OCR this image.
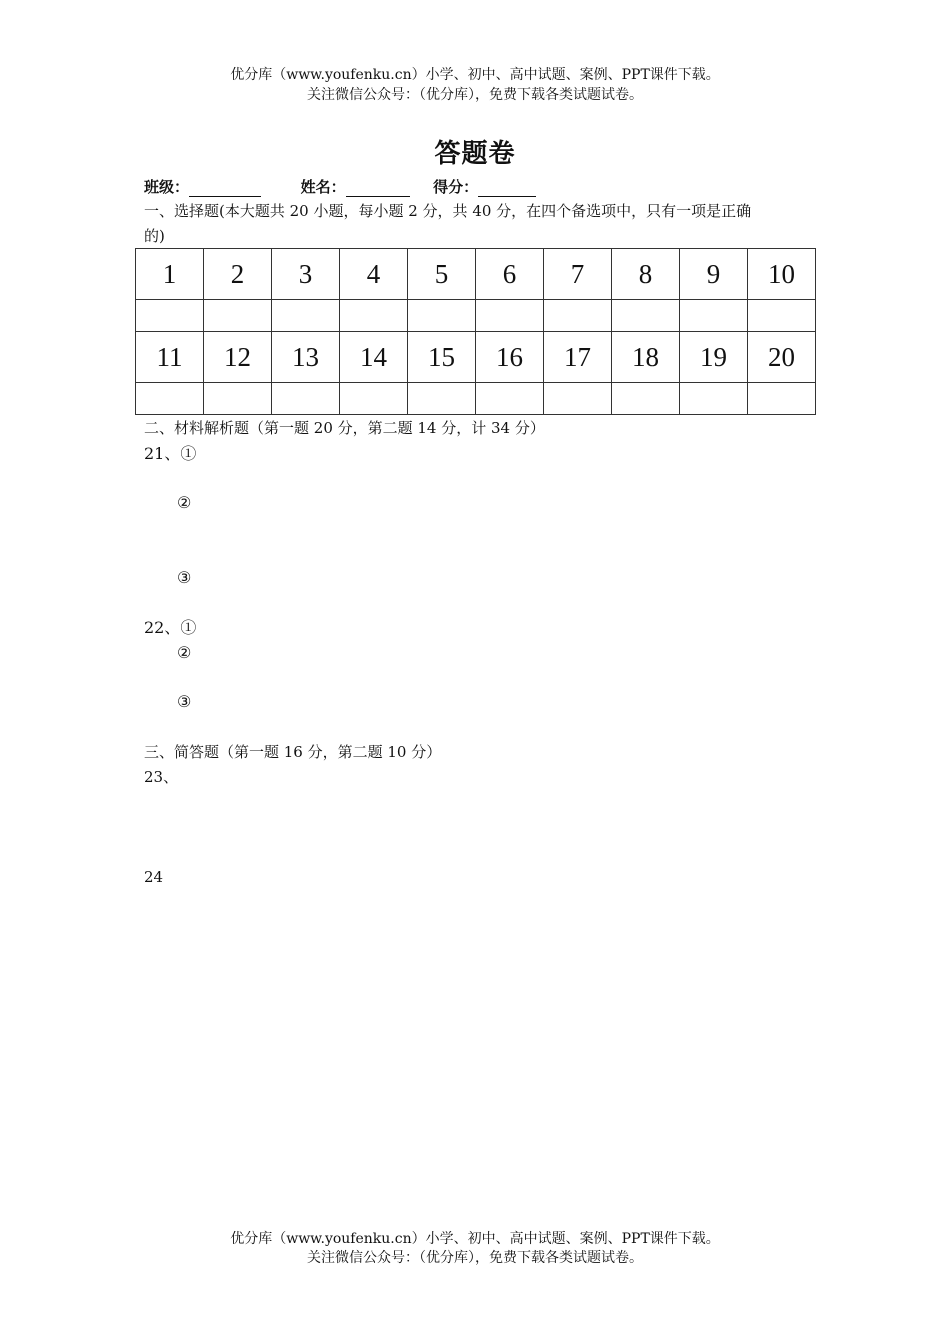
优分库（www.youfenku.cn）小学、初中、高中试题、案例、PPT课件下载。
关注微信公众号：（优分库），免费下载各类试题试卷。
答题卷
班级：	姓名：	得分：
一、选择题(本大题共 20 小题，每小题 2 分，共 40 分，在四个备选项中，只有一项是正确
的)
1	2	3	4	5	6	7	8	9	10

11	12	13	14	15	16	17	18	19	20

二、材料解析题（第一题 20 分，第二题 14 分，计 34 分）
21、①
②
③
22、①
②
③
三、简答题（第一题 16 分，第二题 10 分）
23、
24
优分库（www.youfenku.cn）小学、初中、高中试题、案例、PPT课件下载。
关注微信公众号：（优分库），免费下载各类试题试卷。
